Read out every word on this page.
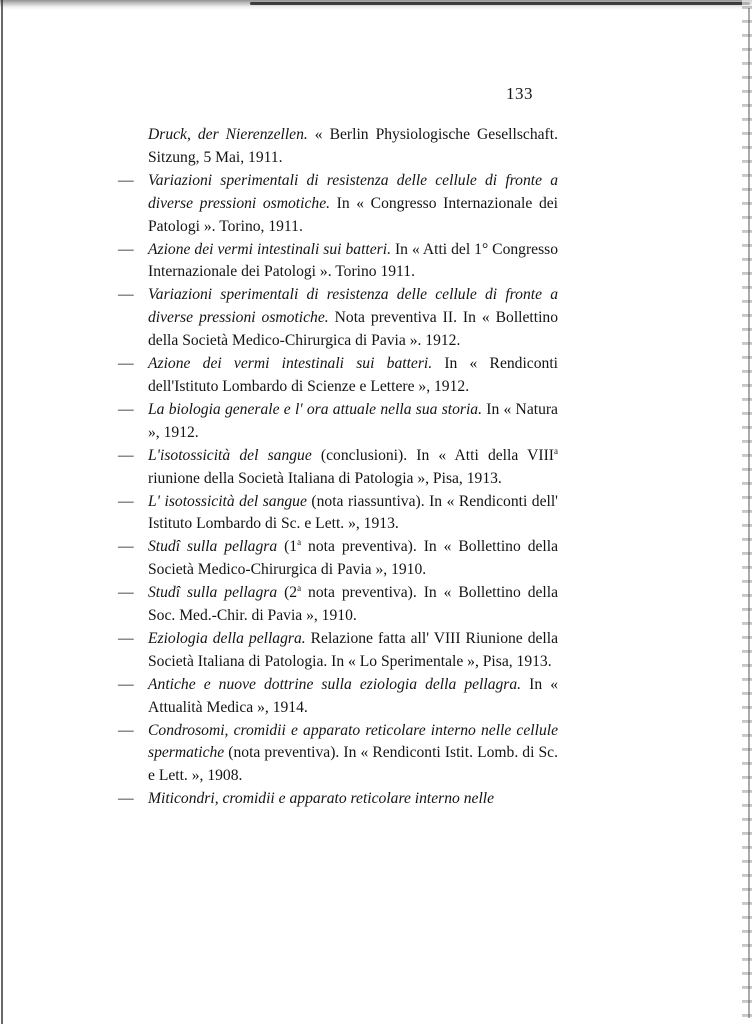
133
Druck, der Nierenzellen. « Berlin Physiologische Gesellschaft. Sitzung, 5 Mai, 1911.
— Variazioni sperimentali di resistenza delle cellule di fronte a diverse pressioni osmotiche. In « Congresso Internazionale dei Patologi ». Torino, 1911.
— Azione dei vermi intestinali sui batteri. In « Atti del 1° Congresso Internazionale dei Patologi ». Torino 1911.
— Variazioni sperimentali di resistenza delle cellule di fronte a diverse pressioni osmotiche. Nota preventiva II. In « Bollettino della Società Medico-Chirurgica di Pavia ». 1912.
— Azione dei vermi intestinali sui batteri. In « Rendiconti dell'Istituto Lombardo di Scienze e Lettere », 1912.
— La biologia generale e l' ora attuale nella sua storia. In « Natura », 1912.
— L'isotossicità del sangue (conclusioni). In « Atti della VIII$^a$ riunione della Società Italiana di Patologia », Pisa, 1913.
— L' isotossicità del sangue (nota riassuntiva). In « Rendiconti dell' Istituto Lombardo di Sc. e Lett. », 1913.
— Studî sulla pellagra (1$^a$ nota preventiva). In « Bollettino della Società Medico-Chirurgica di Pavia », 1910.
— Studî sulla pellagra (2$^a$ nota preventiva). In « Bollettino della Soc. Med.-Chir. di Pavia », 1910.
— Eziologia della pellagra. Relazione fatta all' VIII Riunione della Società Italiana di Patologia. In « Lo Sperimentale », Pisa, 1913.
— Antiche e nuove dottrine sulla eziologia della pellagra. In « Attualità Medica », 1914.
— Condrosomi, cromidii e apparato reticolare interno nelle cellule spermatiche (nota preventiva). In « Rendiconti Istit. Lomb. di Sc. e Lett. », 1908.
— Miticondri, cromidii e apparato reticolare interno nelle
